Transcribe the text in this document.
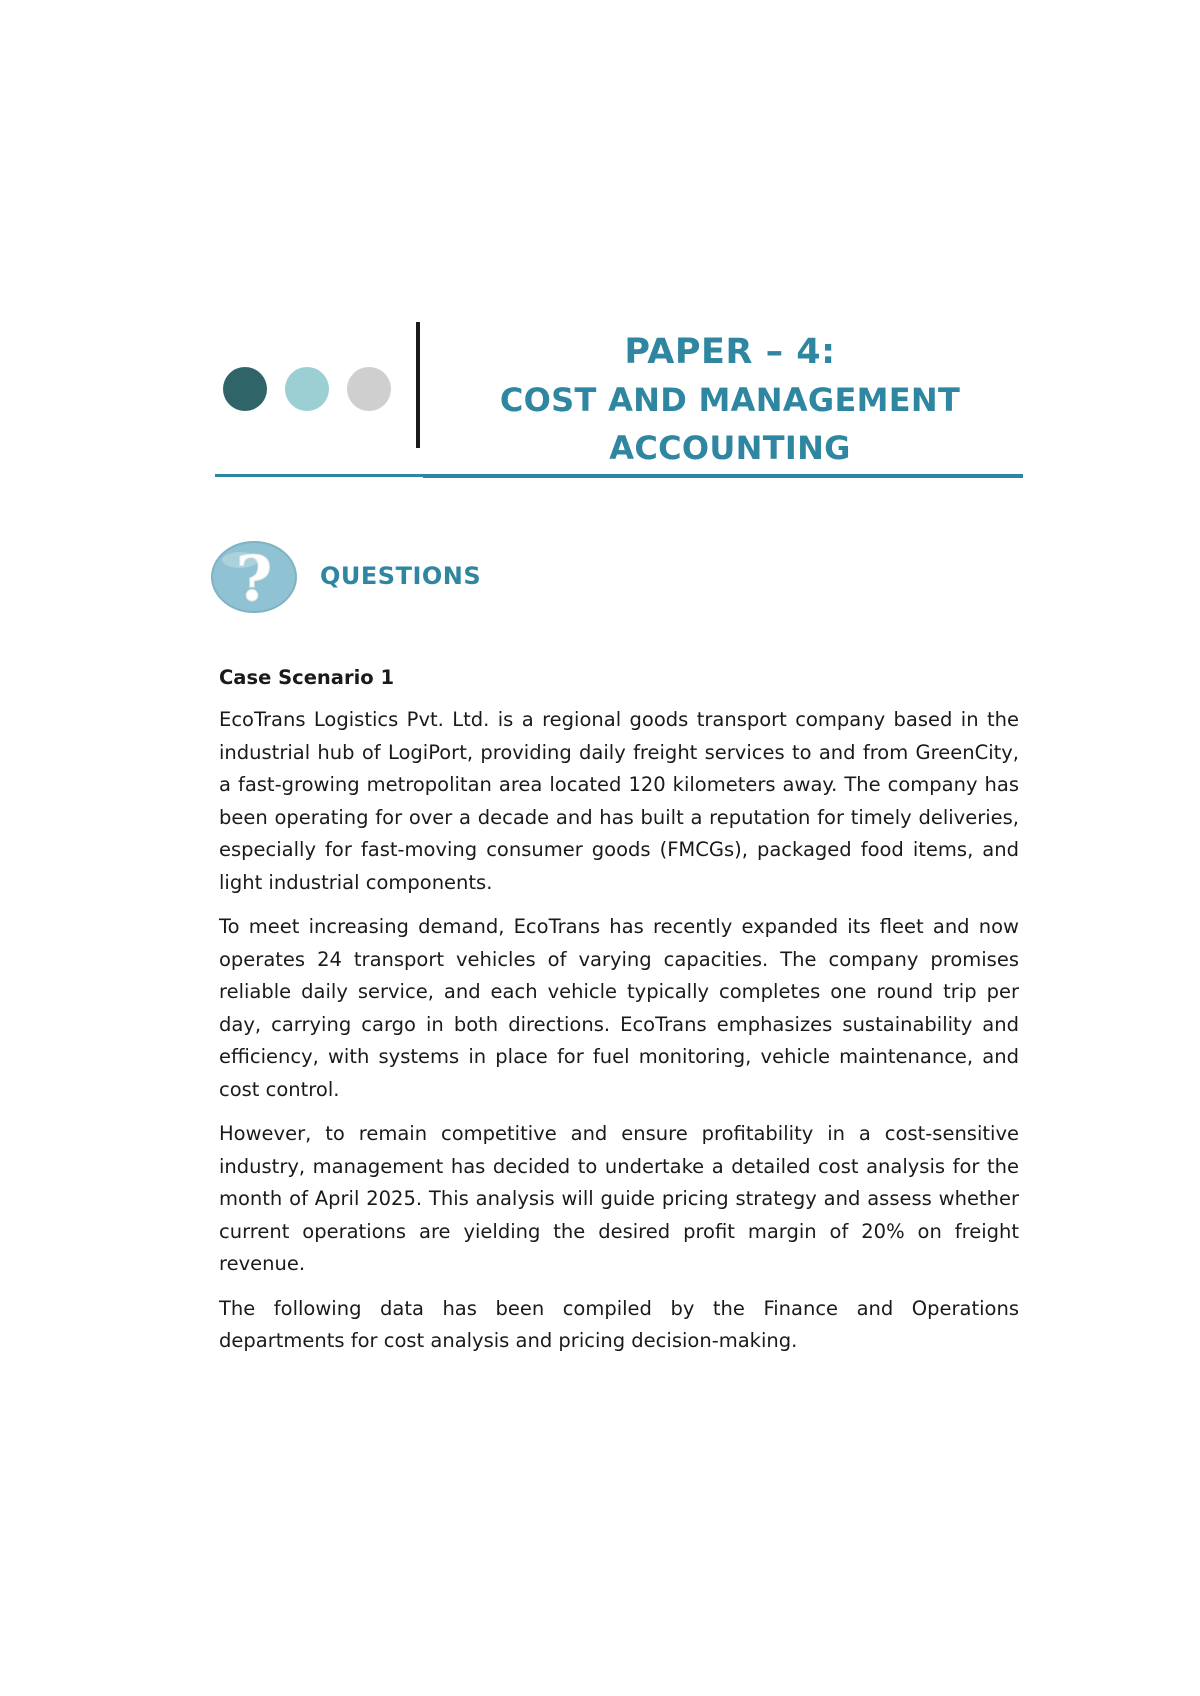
PAPER – 4:
COST AND MANAGEMENT
ACCOUNTING
? QUESTIONS
Case Scenario 1

EcoTrans Logistics Pvt. Ltd. is a regional goods transport company based in the industrial hub of LogiPort, providing daily freight services to and from GreenCity, a fast-growing metropolitan area located 120 kilometers away. The company has been operating for over a decade and has built a reputation for timely deliveries, especially for fast-moving consumer goods (FMCGs), packaged food items, and light industrial components.

To meet increasing demand, EcoTrans has recently expanded its fleet and now operates 24 transport vehicles of varying capacities. The company promises reliable daily service, and each vehicle typically completes one round trip per day, carrying cargo in both directions. EcoTrans emphasizes sustainability and efficiency, with systems in place for fuel monitoring, vehicle maintenance, and cost control.

However, to remain competitive and ensure profitability in a cost-sensitive industry, management has decided to undertake a detailed cost analysis for the month of April 2025. This analysis will guide pricing strategy and assess whether current operations are yielding the desired profit margin of 20% on freight revenue.

The following data has been compiled by the Finance and Operations departments for cost analysis and pricing decision-making.
